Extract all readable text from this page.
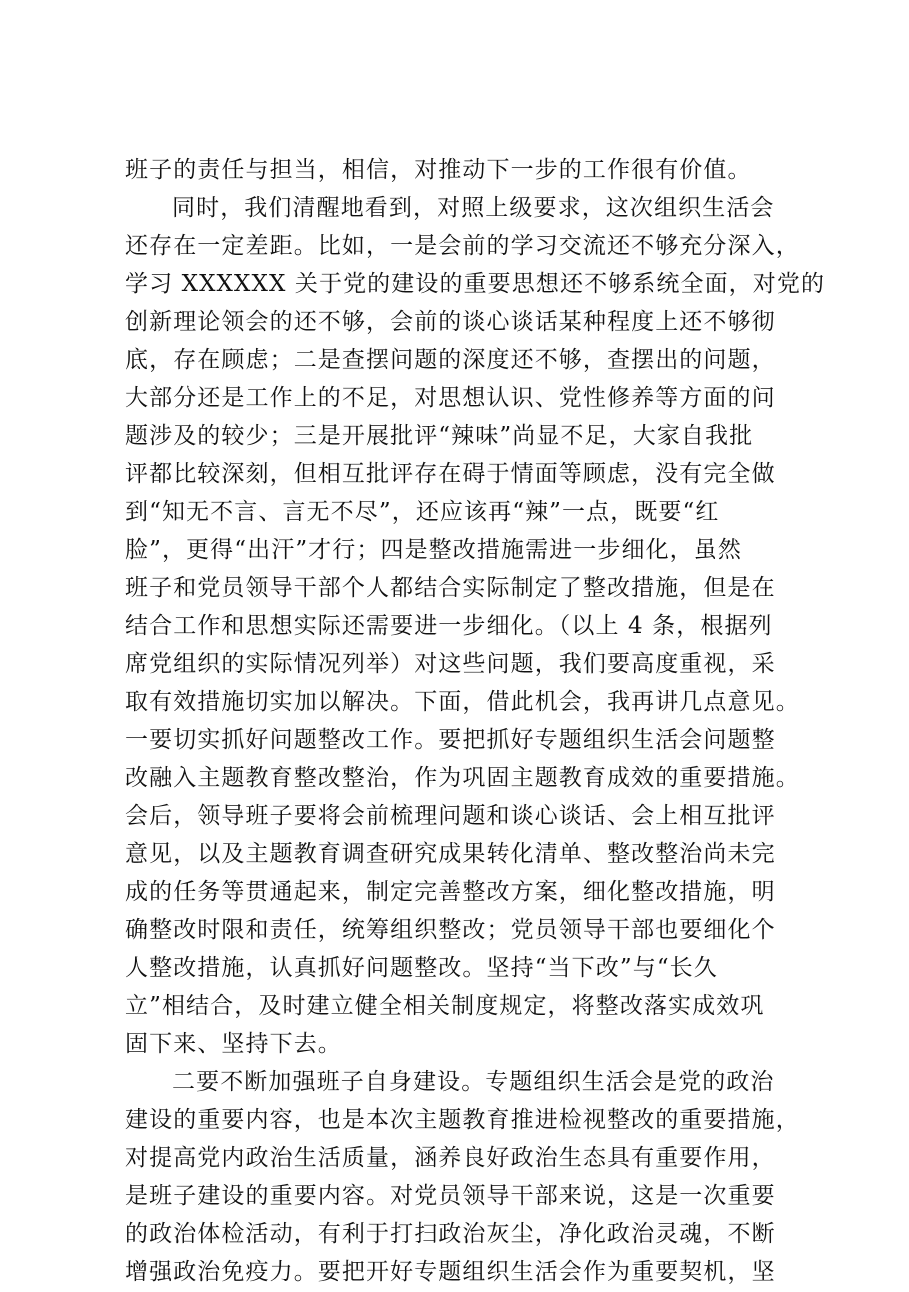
班子的责任与担当，相信，对推动下一步的工作很有价值。
同时，我们清醒地看到，对照上级要求，这次组织生活会
还存在一定差距。比如，一是会前的学习交流还不够充分深入，
学习 XXXXXX 关于党的建设的重要思想还不够系统全面，对党的
创新理论领会的还不够，会前的谈心谈话某种程度上还不够彻
底，存在顾虑；二是查摆问题的深度还不够，查摆出的问题，
大部分还是工作上的不足，对思想认识、党性修养等方面的问
题涉及的较少；三是开展批评“辣味”尚显不足，大家自我批
评都比较深刻，但相互批评存在碍于情面等顾虑，没有完全做
到“知无不言、言无不尽”，还应该再“辣”一点，既要“红
脸”，更得“出汗”才行；四是整改措施需进一步细化，虽然
班子和党员领导干部个人都结合实际制定了整改措施，但是在
结合工作和思想实际还需要进一步细化。（以上 4 条，根据列
席党组织的实际情况列举）对这些问题，我们要高度重视，采
取有效措施切实加以解决。下面，借此机会，我再讲几点意见。
一要切实抓好问题整改工作。要把抓好专题组织生活会问题整
改融入主题教育整改整治，作为巩固主题教育成效的重要措施。
会后，领导班子要将会前梳理问题和谈心谈话、会上相互批评
意见，以及主题教育调查研究成果转化清单、整改整治尚未完
成的任务等贯通起来，制定完善整改方案，细化整改措施，明
确整改时限和责任，统筹组织整改；党员领导干部也要细化个
人整改措施，认真抓好问题整改。坚持“当下改”与“长久
立”相结合，及时建立健全相关制度规定，将整改落实成效巩
固下来、坚持下去。
二要不断加强班子自身建设。专题组织生活会是党的政治
建设的重要内容，也是本次主题教育推进检视整改的重要措施，
对提高党内政治生活质量，涵养良好政治生态具有重要作用，
是班子建设的重要内容。对党员领导干部来说，这是一次重要
的政治体检活动，有利于打扫政治灰尘，净化政治灵魂，不断
增强政治免疫力。要把开好专题组织生活会作为重要契机，坚
